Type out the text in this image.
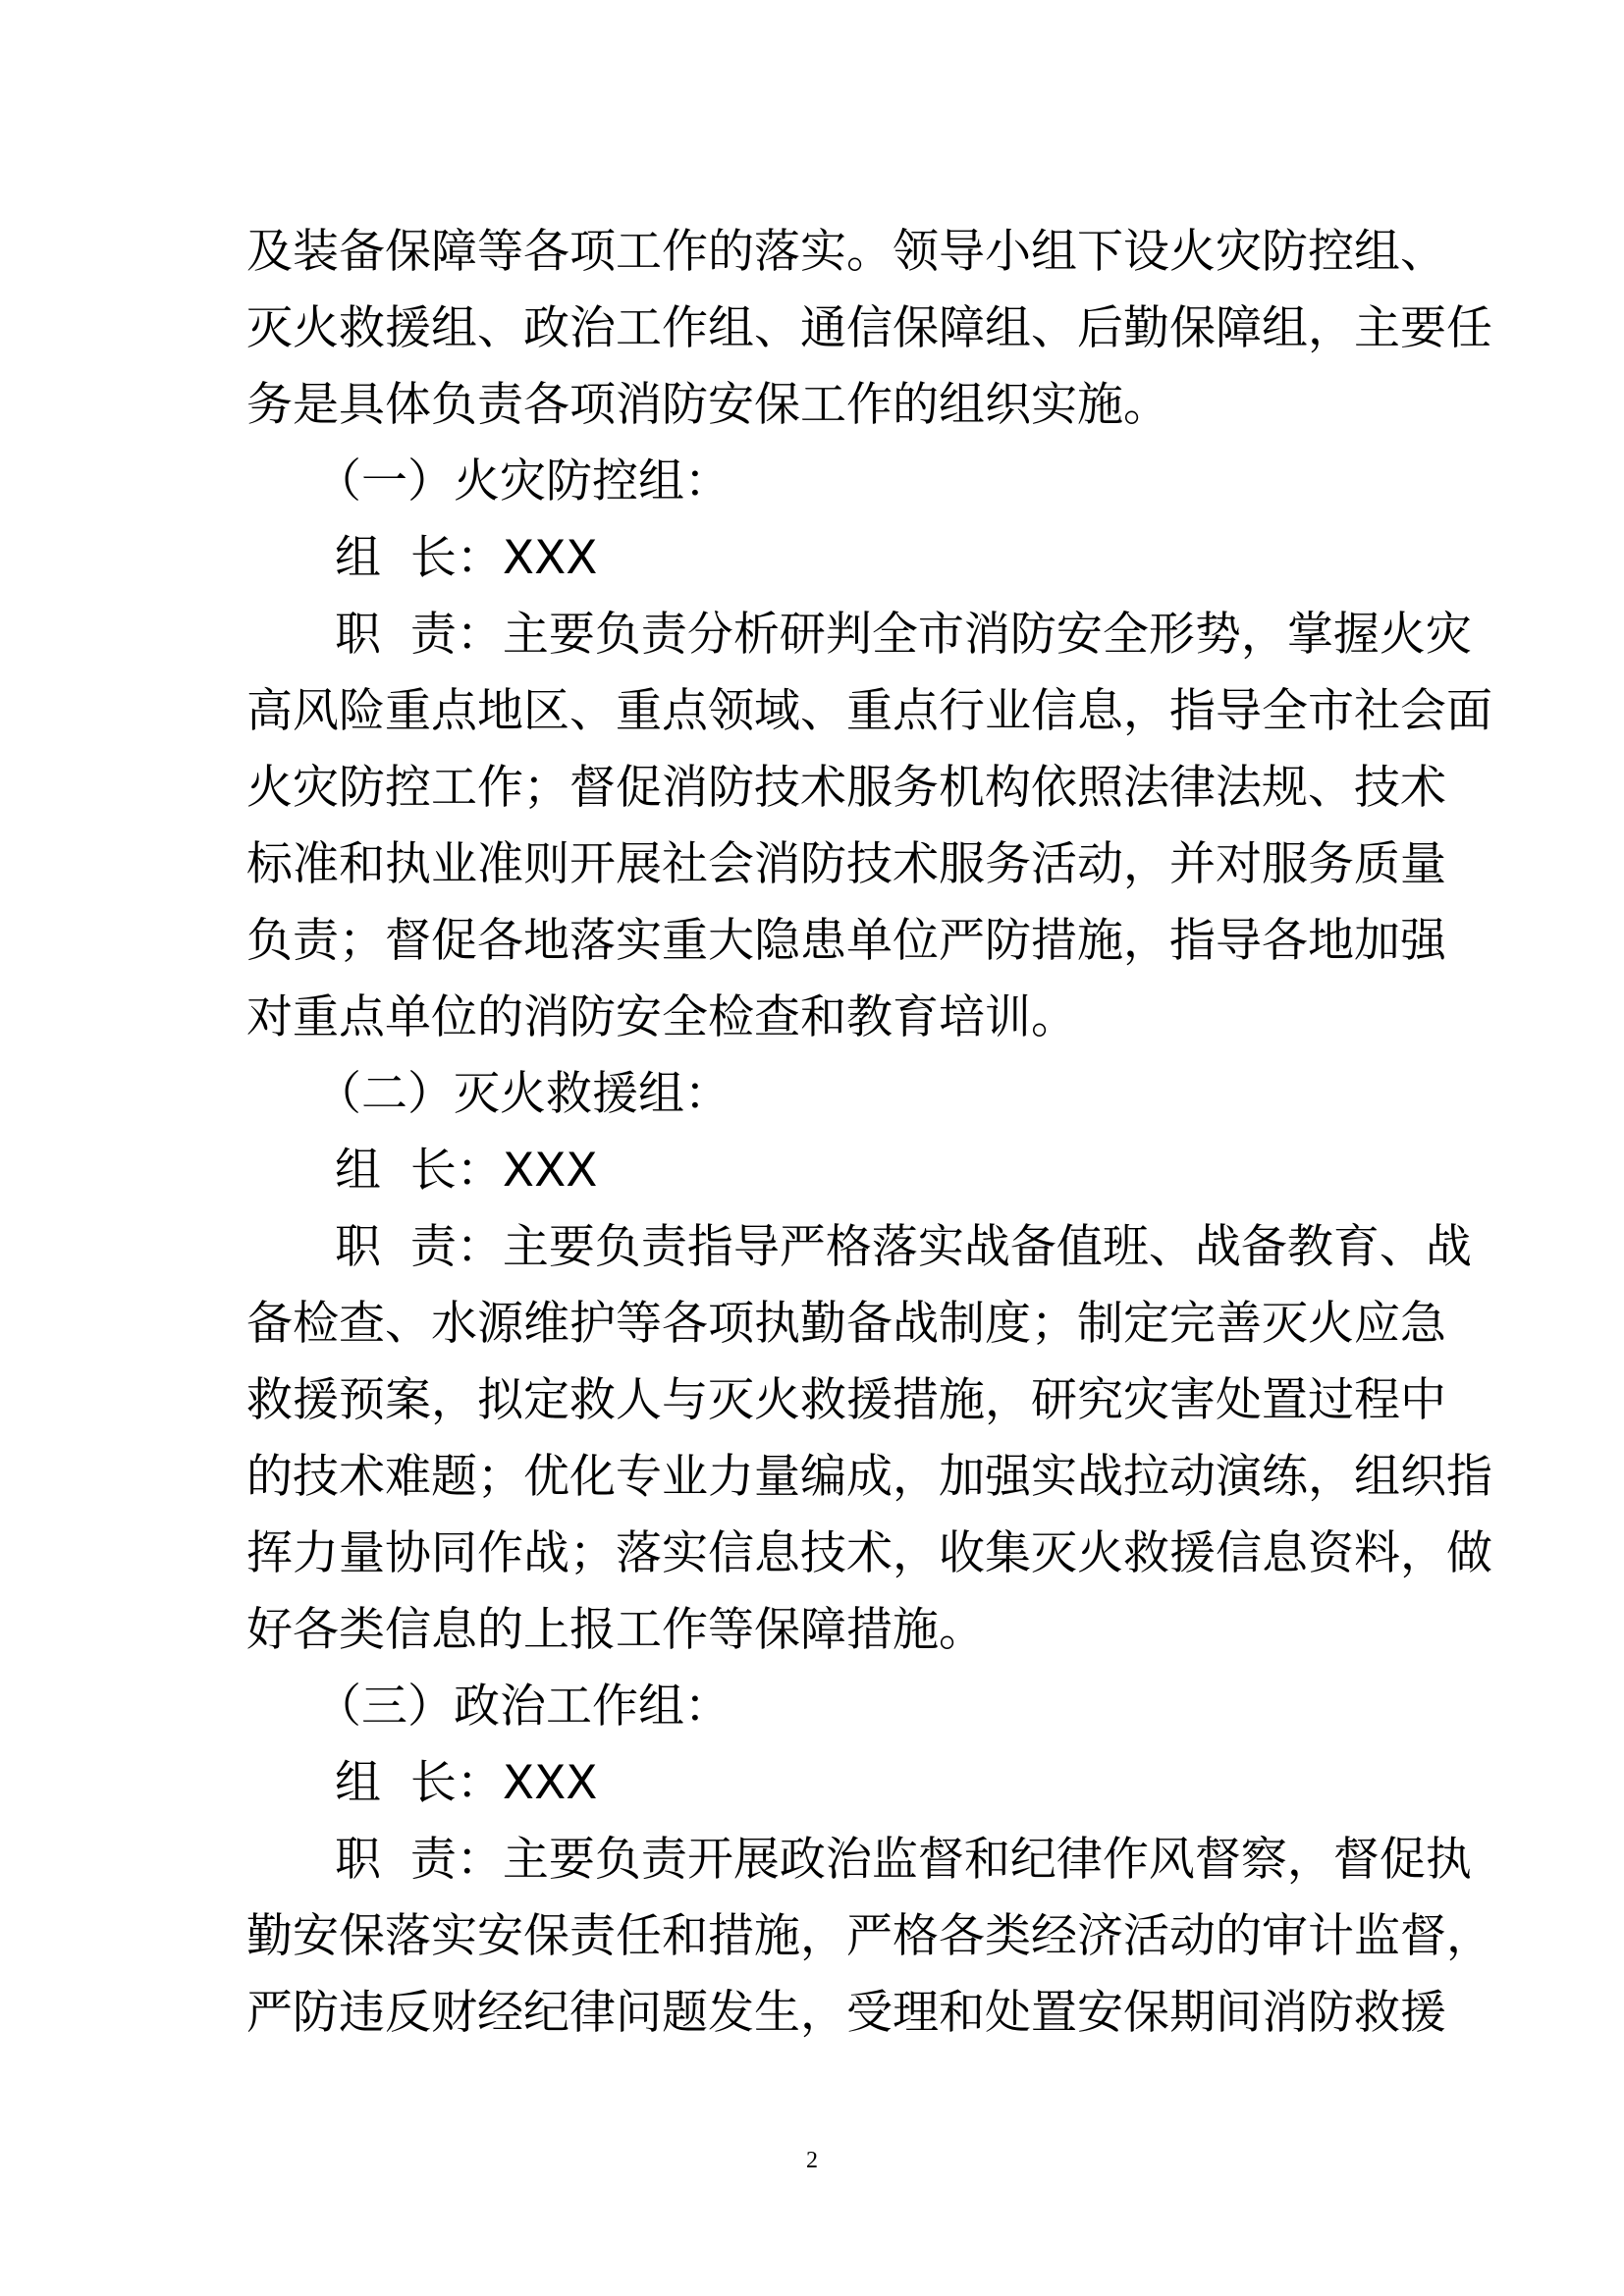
及装备保障等各项工作的落实。领导小组下设火灾防控组、
灭火救援组、政治工作组、通信保障组、后勤保障组，主要任
务是具体负责各项消防安保工作的组织实施。
（一）火灾防控组：
组  长：XXX
职  责：主要负责分析研判全市消防安全形势，掌握火灾
高风险重点地区、重点领域、重点行业信息，指导全市社会面
火灾防控工作；督促消防技术服务机构依照法律法规、技术
标准和执业准则开展社会消防技术服务活动，并对服务质量
负责；督促各地落实重大隐患单位严防措施，指导各地加强
对重点单位的消防安全检查和教育培训。
（二）灭火救援组：
组  长：XXX
职  责：主要负责指导严格落实战备值班、战备教育、战
备检查、水源维护等各项执勤备战制度；制定完善灭火应急
救援预案，拟定救人与灭火救援措施，研究灾害处置过程中
的技术难题；优化专业力量编成，加强实战拉动演练，组织指
挥力量协同作战；落实信息技术，收集灭火救援信息资料，做
好各类信息的上报工作等保障措施。
（三）政治工作组：
组  长：XXX
职  责：主要负责开展政治监督和纪律作风督察，督促执
勤安保落实安保责任和措施，严格各类经济活动的审计监督，
严防违反财经纪律问题发生，受理和处置安保期间消防救援
2
